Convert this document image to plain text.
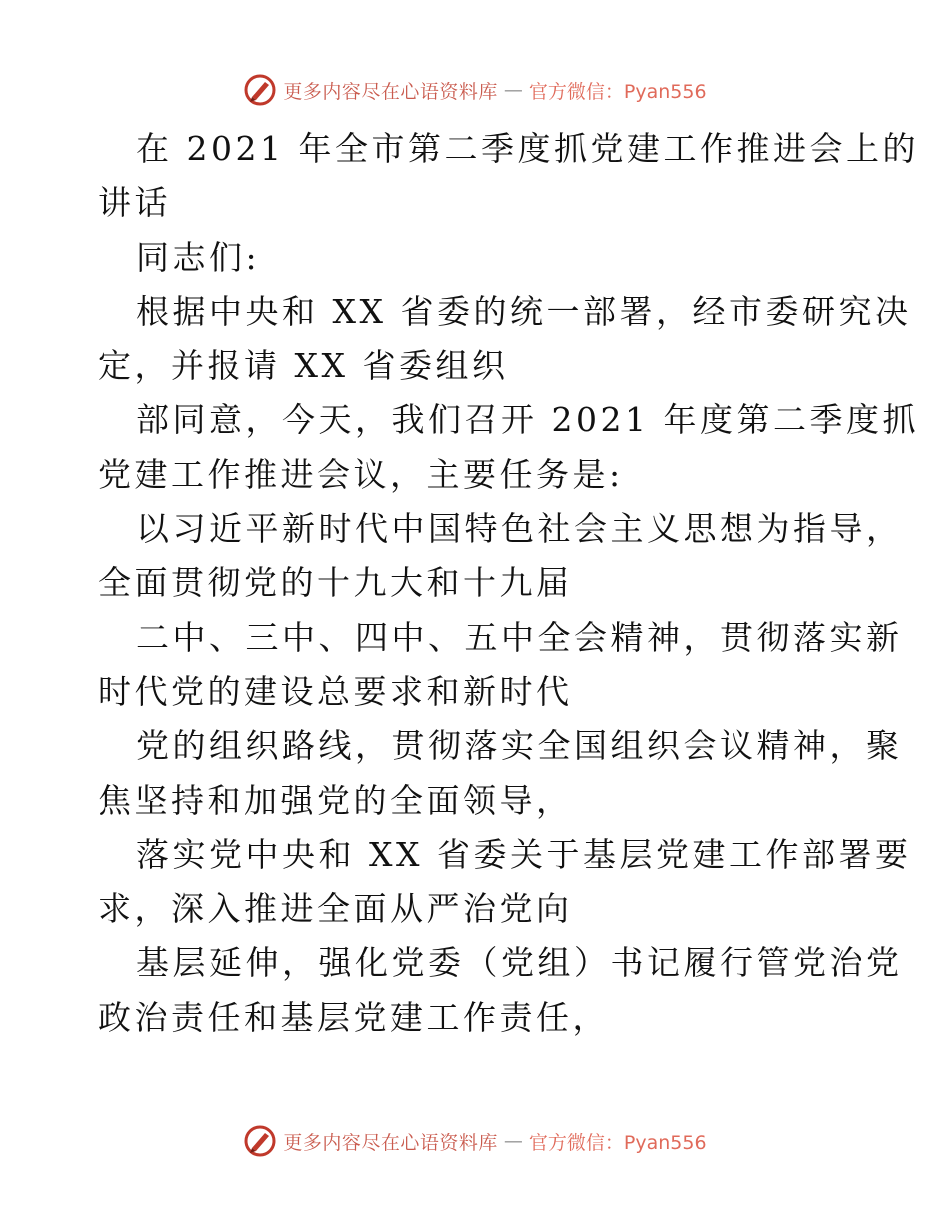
更多内容尽在心语资料库 — 官方微信：Pyan556
在 2021 年全市第二季度抓党建工作推进会上的
讲话
同志们:
根据中央和 XX 省委的统一部署，经市委研究决
定，并报请 XX 省委组织
部同意，今天，我们召开 2021 年度第二季度抓
党建工作推进会议，主要任务是:
以习近平新时代中国特色社会主义思想为指导，
全面贯彻党的十九大和十九届
二中、三中、四中、五中全会精神，贯彻落实新
时代党的建设总要求和新时代
党的组织路线，贯彻落实全国组织会议精神，聚
焦坚持和加强党的全面领导，
落实党中央和 XX 省委关于基层党建工作部署要
求，深入推进全面从严治党向
基层延伸，强化党委（党组）书记履行管党治党
政治责任和基层党建工作责任，
更多内容尽在心语资料库 — 官方微信：Pyan556
